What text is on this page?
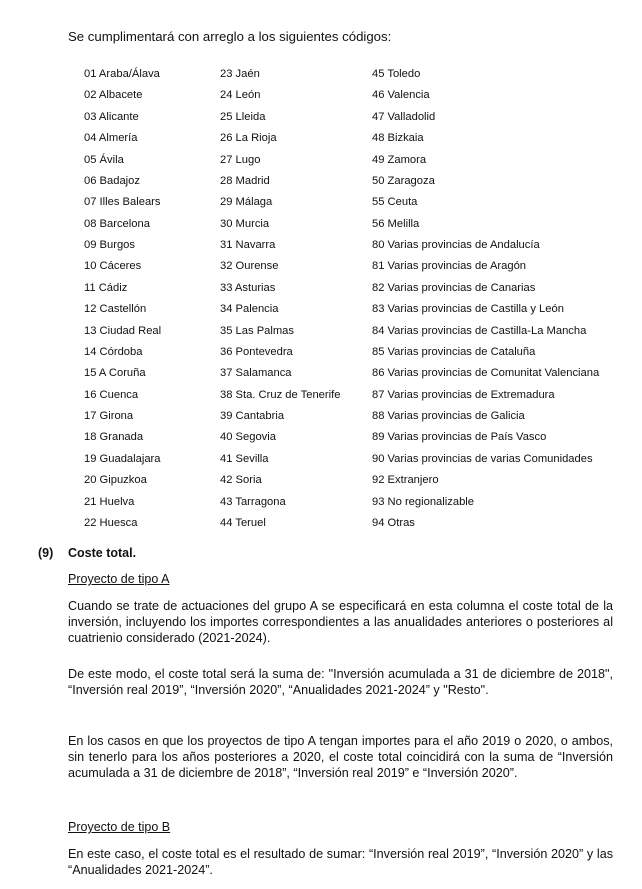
Se cumplimentará con arreglo a los siguientes códigos:
01 Araba/Álava
02 Albacete
03 Alicante
04 Almería
05 Ávila
06 Badajoz
07 Illes Balears
08 Barcelona
09 Burgos
10 Cáceres
11 Cádiz
12 Castellón
13 Ciudad Real
14 Córdoba
15 A Coruña
16 Cuenca
17 Girona
18 Granada
19 Guadalajara
20 Gipuzkoa
21 Huelva
22 Huesca
23 Jaén
24 León
25 Lleida
26 La Rioja
27 Lugo
28 Madrid
29 Málaga
30 Murcia
31 Navarra
32 Ourense
33 Asturias
34 Palencia
35 Las Palmas
36 Pontevedra
37 Salamanca
38 Sta. Cruz de Tenerife
39 Cantabria
40 Segovia
41 Sevilla
42 Soria
43 Tarragona
44 Teruel
45 Toledo
46 Valencia
47 Valladolid
48 Bizkaia
49 Zamora
50 Zaragoza
55 Ceuta
56 Melilla
80 Varias provincias de Andalucía
81 Varias provincias de Aragón
82 Varias provincias de Canarias
83 Varias provincias de Castilla y León
84 Varias provincias de Castilla-La Mancha
85 Varias provincias de Cataluña
86 Varias provincias de Comunitat Valenciana
87 Varias provincias de Extremadura
88 Varias provincias de Galicia
89 Varias provincias de País Vasco
90 Varias provincias de varias Comunidades
92 Extranjero
93 No regionalizable
94 Otras
(9) Coste total.
Proyecto de tipo A
Cuando se trate de actuaciones del grupo A se especificará en esta columna el coste total de la inversión, incluyendo los importes correspondientes a las anualidades anteriores o posteriores al cuatrienio considerado (2021-2024).
De este modo, el coste total será la suma de: "Inversión acumulada a 31 de diciembre de 2018", “Inversión real 2019”, “Inversión 2020”, “Anualidades 2021-2024” y "Resto".
En los casos en que los proyectos de tipo A tengan importes para el año 2019 o 2020, o ambos, sin tenerlo para los años posteriores a 2020, el coste total coincidirá con la suma de “Inversión acumulada a 31 de diciembre de 2018”, “Inversión real 2019” e “Inversión 2020”.
Proyecto de tipo B
En este caso, el coste total es el resultado de sumar: “Inversión real 2019”, “Inversión 2020” y las “Anualidades 2021-2024”.
